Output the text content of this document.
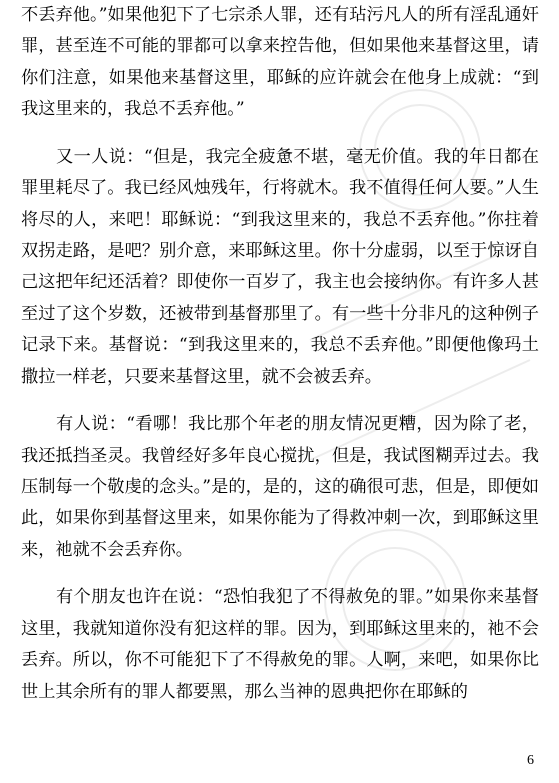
不丢弃他。”如果他犯下了七宗杀人罪，还有玷污凡人的所有淫乱通奸罪，甚至连不可能的罪都可以拿来控告他，但如果他来基督这里，请你们注意，如果他来基督这里，耶稣的应许就会在他身上成就：“到我这里来的，我总不丢弃他。”

又一人说：“但是，我完全疲惫不堪，毫无价值。我的年日都在罪里耗尽了。我已经风烛残年，行将就木。我不值得任何人要。”人生将尽的人，来吧！耶稣说：“到我这里来的，我总不丢弃他。”你拄着双拐走路，是吧？别介意，来耶稣这里。你十分虚弱，以至于惊讶自己这把年纪还活着？即使你一百岁了，我主也会接纳你。有许多人甚至过了这个岁数，还被带到基督那里了。有一些十分非凡的这种例子记录下来。基督说：“到我这里来的，我总不丢弃他。”即便他像玛土撒拉一样老，只要来基督这里，就不会被丢弃。

有人说：“看哪！我比那个年老的朋友情况更糟，因为除了老，我还抵挡圣灵。我曾经好多年良心搅扰，但是，我试图糊弄过去。我压制每一个敬虔的念头。”是的，是的，这的确很可悲，但是，即便如此，如果你到基督这里来，如果你能为了得救冲刺一次，到耶稣这里来，祂就不会丢弃你。

有个朋友也许在说：“恐怕我犯了不得赦免的罪。”如果你来基督这里，我就知道你没有犯这样的罪。因为，到耶稣这里来的，祂不会丢弃。所以，你不可能犯下了不得赦免的罪。人啊，来吧，如果你比世上其余所有的罪人都要黑，那么当神的恩典把你在耶稣的

6
